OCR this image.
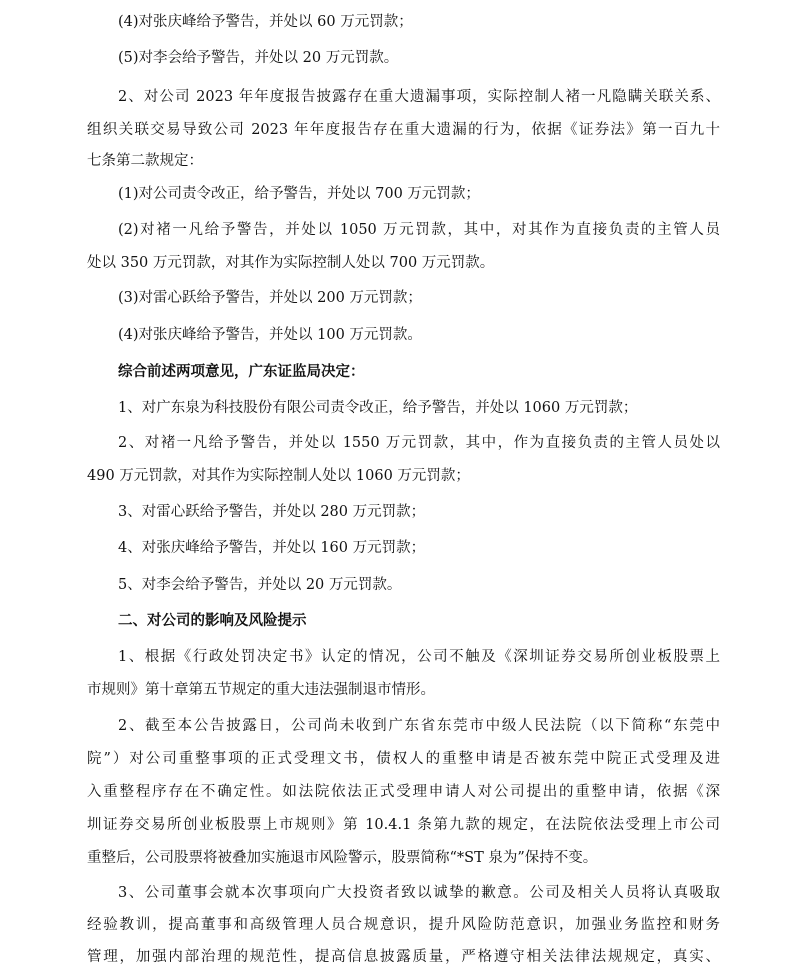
(4)对张庆峰给予警告，并处以 60 万元罚款；
(5)对李会给予警告，并处以 20 万元罚款。
2、对公司 2023 年年度报告披露存在重大遗漏事项，实际控制人褚一凡隐瞒关联关系、
组织关联交易导致公司 2023 年年度报告存在重大遗漏的行为，依据《证券法》第一百九十
七条第二款规定：
(1)对公司责令改正，给予警告，并处以 700 万元罚款；
(2)对褚一凡给予警告，并处以 1050 万元罚款，其中，对其作为直接负责的主管人员
处以 350 万元罚款，对其作为实际控制人处以 700 万元罚款。
(3)对雷心跃给予警告，并处以 200 万元罚款；
(4)对张庆峰给予警告，并处以 100 万元罚款。
综合前述两项意见，广东证监局决定：
1、对广东泉为科技股份有限公司责令改正，给予警告，并处以 1060 万元罚款；
2、对褚一凡给予警告，并处以 1550 万元罚款，其中，作为直接负责的主管人员处以
490 万元罚款，对其作为实际控制人处以 1060 万元罚款；
3、对雷心跃给予警告，并处以 280 万元罚款；
4、对张庆峰给予警告，并处以 160 万元罚款；
5、对李会给予警告，并处以 20 万元罚款。
二、对公司的影响及风险提示
1、根据《行政处罚决定书》认定的情况，公司不触及《深圳证券交易所创业板股票上
市规则》第十章第五节规定的重大违法强制退市情形。
2、截至本公告披露日，公司尚未收到广东省东莞市中级人民法院（以下简称“东莞中
院”）对公司重整事项的正式受理文书，债权人的重整申请是否被东莞中院正式受理及进
入重整程序存在不确定性。如法院依法正式受理申请人对公司提出的重整申请，依据《深
圳证券交易所创业板股票上市规则》第 10.4.1 条第九款的规定，在法院依法受理上市公司
重整后，公司股票将被叠加实施退市风险警示，股票简称“*ST 泉为”保持不变。
3、公司董事会就本次事项向广大投资者致以诚挚的歉意。公司及相关人员将认真吸取
经验教训，提高董事和高级管理人员合规意识，提升风险防范意识，加强业务监控和财务
管理，加强内部治理的规范性，提高信息披露质量，严格遵守相关法律法规规定，真实、
